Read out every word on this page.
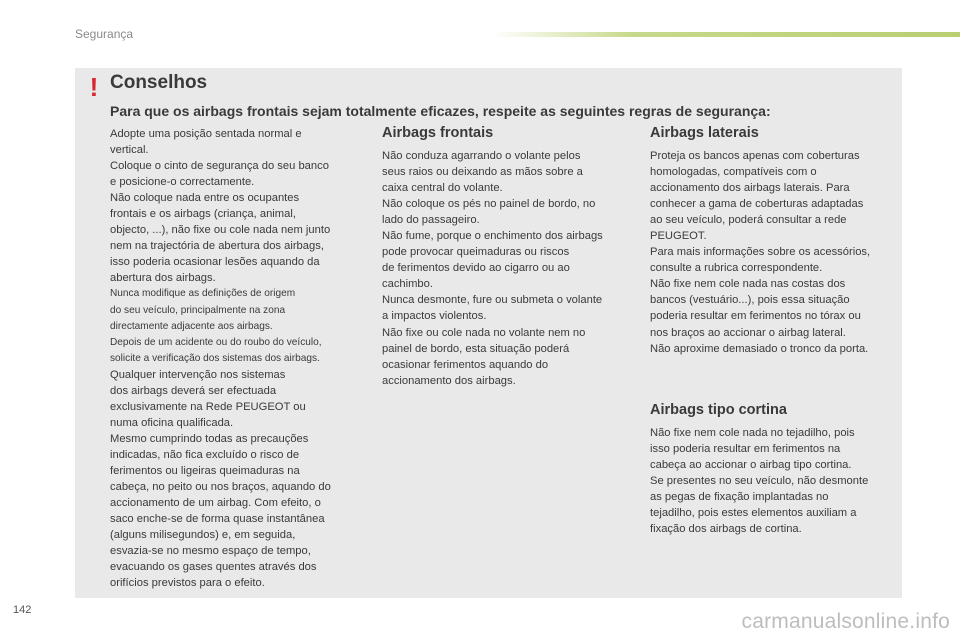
Segurança
! Conselhos
Para que os airbags frontais sejam totalmente eficazes, respeite as seguintes regras de segurança:

Adopte uma posição sentada normal e

vertical.

Coloque o cinto de segurança do seu banco

e posicione-o correctamente.

Não coloque nada entre os ocupantes

frontais e os airbags (criança, animal,

objecto, ...), não fixe ou cole nada nem junto

nem na trajectória de abertura dos airbags,

isso poderia ocasionar lesões aquando da

abertura dos airbags.

Nunca modifique as definições de origem

do seu veículo, principalmente na zona

directamente adjacente aos airbags.

Depois de um acidente ou do roubo do veículo,

solicite a verificação dos sistemas dos airbags.

Qualquer intervenção nos sistemas

dos airbags deverá ser efectuada

exclusivamente na Rede PEUGEOT ou

numa oficina qualificada.

Mesmo cumprindo todas as precauções

indicadas, não fica excluído o risco de

ferimentos ou ligeiras queimaduras na

cabeça, no peito ou nos braços, aquando do

accionamento de um airbag. Com efeito, o

saco enche-se de forma quase instantânea

(alguns milisegundos) e, em seguida,

esvazia-se no mesmo espaço de tempo,

evacuando os gases quentes através dos

orifícios previstos para o efeito.

Airbags frontais

Não conduza agarrando o volante pelos

seus raios ou deixando as mãos sobre a

caixa central do volante.

Não coloque os pés no painel de bordo, no

lado do passageiro.

Não fume, porque o enchimento dos airbags

pode provocar queimaduras ou riscos

de ferimentos devido ao cigarro ou ao

cachimbo.

Nunca desmonte, fure ou submeta o volante

a impactos violentos.

Não fixe ou cole nada no volante nem no

painel de bordo, esta situação poderá

ocasionar ferimentos aquando do

accionamento dos airbags.

Airbags laterais

Proteja os bancos apenas com coberturas

homologadas, compatíveis com o

accionamento dos airbags laterais. Para

conhecer a gama de coberturas adaptadas

ao seu veículo, poderá consultar a rede

PEUGEOT.

Para mais informações sobre os acessórios,

consulte a rubrica correspondente.

Não fixe nem cole nada nas costas dos

bancos (vestuário...), pois essa situação

poderia resultar em ferimentos no tórax ou

nos braços ao accionar o airbag lateral.

Não aproxime demasiado o tronco da porta.

Airbags tipo cortina

Não fixe nem cole nada no tejadilho, pois

isso poderia resultar em ferimentos na

cabeça ao accionar o airbag tipo cortina.

Se presentes no seu veículo, não desmonte

as pegas de fixação implantadas no

tejadilho, pois estes elementos auxiliam a

fixação dos airbags de cortina.

142	carmanualsonline.info
